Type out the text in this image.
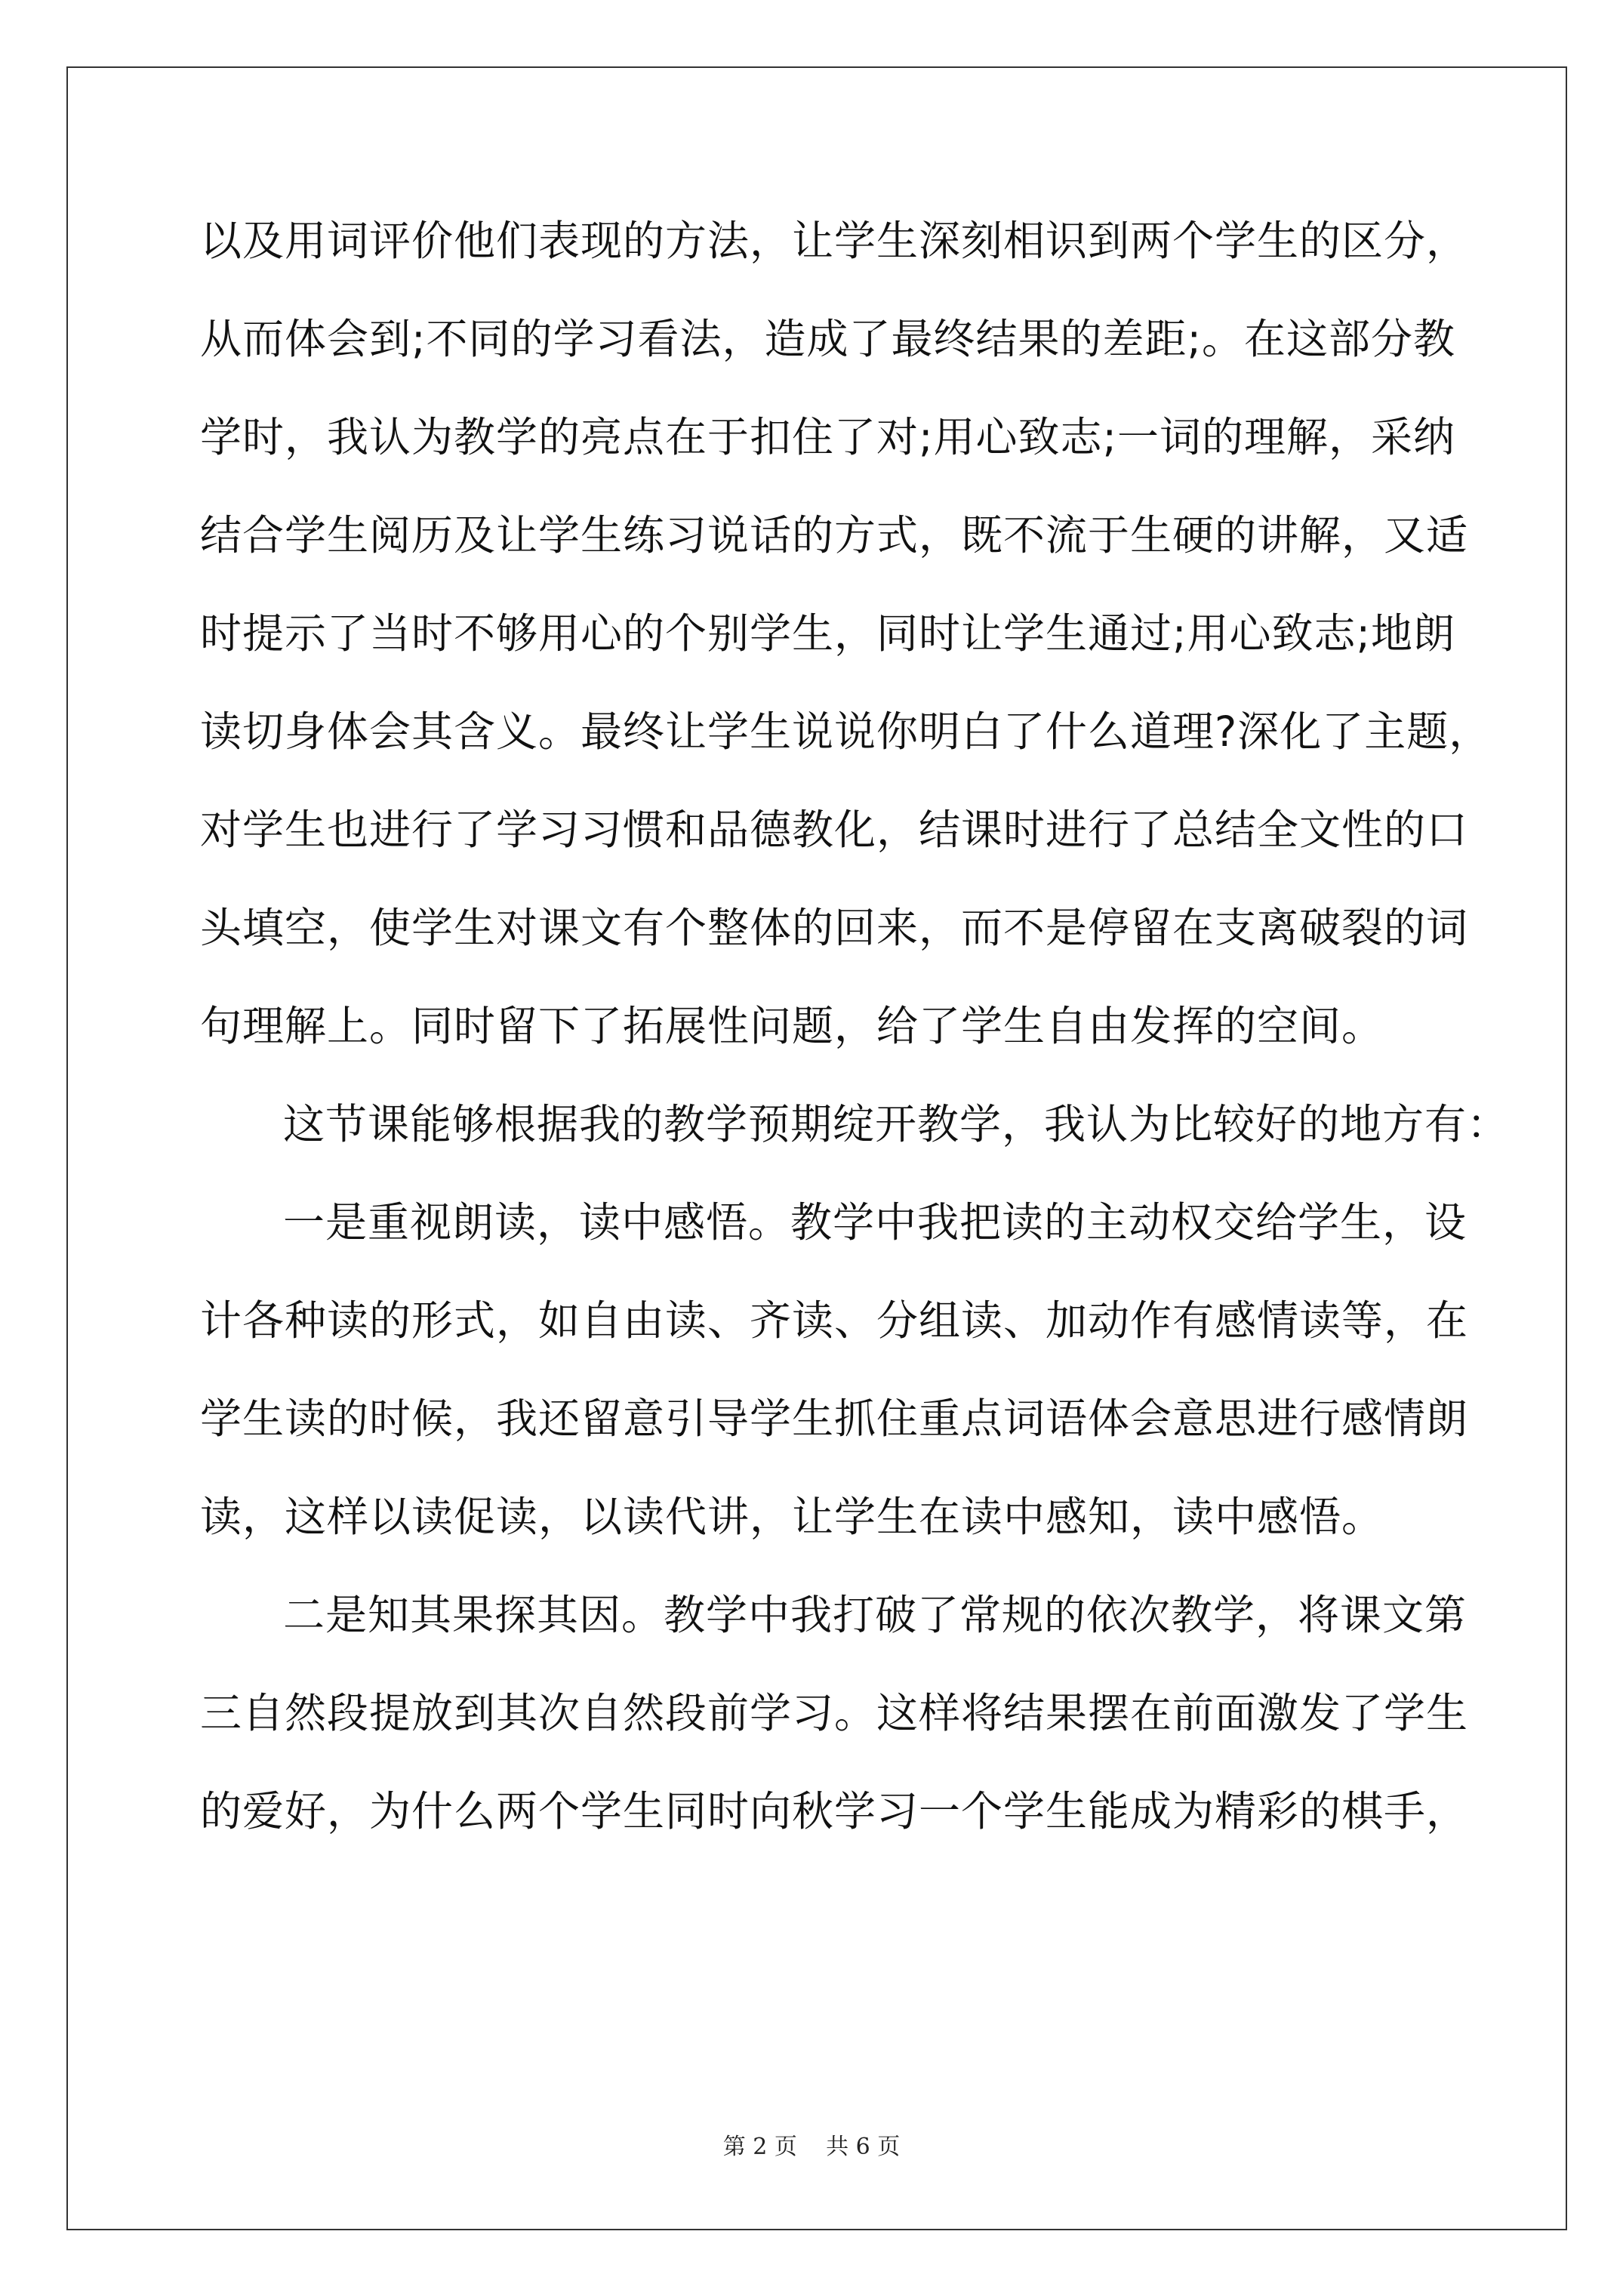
以及用词评价他们表现的方法，让学生深刻相识到两个学生的区分，
从而体会到;不同的学习看法，造成了最终结果的差距;。在这部分教
学时，我认为教学的亮点在于扣住了对;用心致志;一词的理解，采纳
结合学生阅历及让学生练习说话的方式，既不流于生硬的讲解，又适
时提示了当时不够用心的个别学生，同时让学生通过;用心致志;地朗
读切身体会其含义。最终让学生说说你明白了什么道理?深化了主题，
对学生也进行了学习习惯和品德教化，结课时进行了总结全文性的口
头填空，使学生对课文有个整体的回来，而不是停留在支离破裂的词
句理解上。同时留下了拓展性问题，给了学生自由发挥的空间。
这节课能够根据我的教学预期绽开教学，我认为比较好的地方有：
一是重视朗读，读中感悟。教学中我把读的主动权交给学生，设
计各种读的形式，如自由读、齐读、分组读、加动作有感情读等，在
学生读的时候，我还留意引导学生抓住重点词语体会意思进行感情朗
读，这样以读促读，以读代讲，让学生在读中感知，读中感悟。
二是知其果探其因。教学中我打破了常规的依次教学，将课文第
三自然段提放到其次自然段前学习。这样将结果摆在前面激发了学生
的爱好，为什么两个学生同时向秋学习一个学生能成为精彩的棋手，
第 2 页    共 6 页
